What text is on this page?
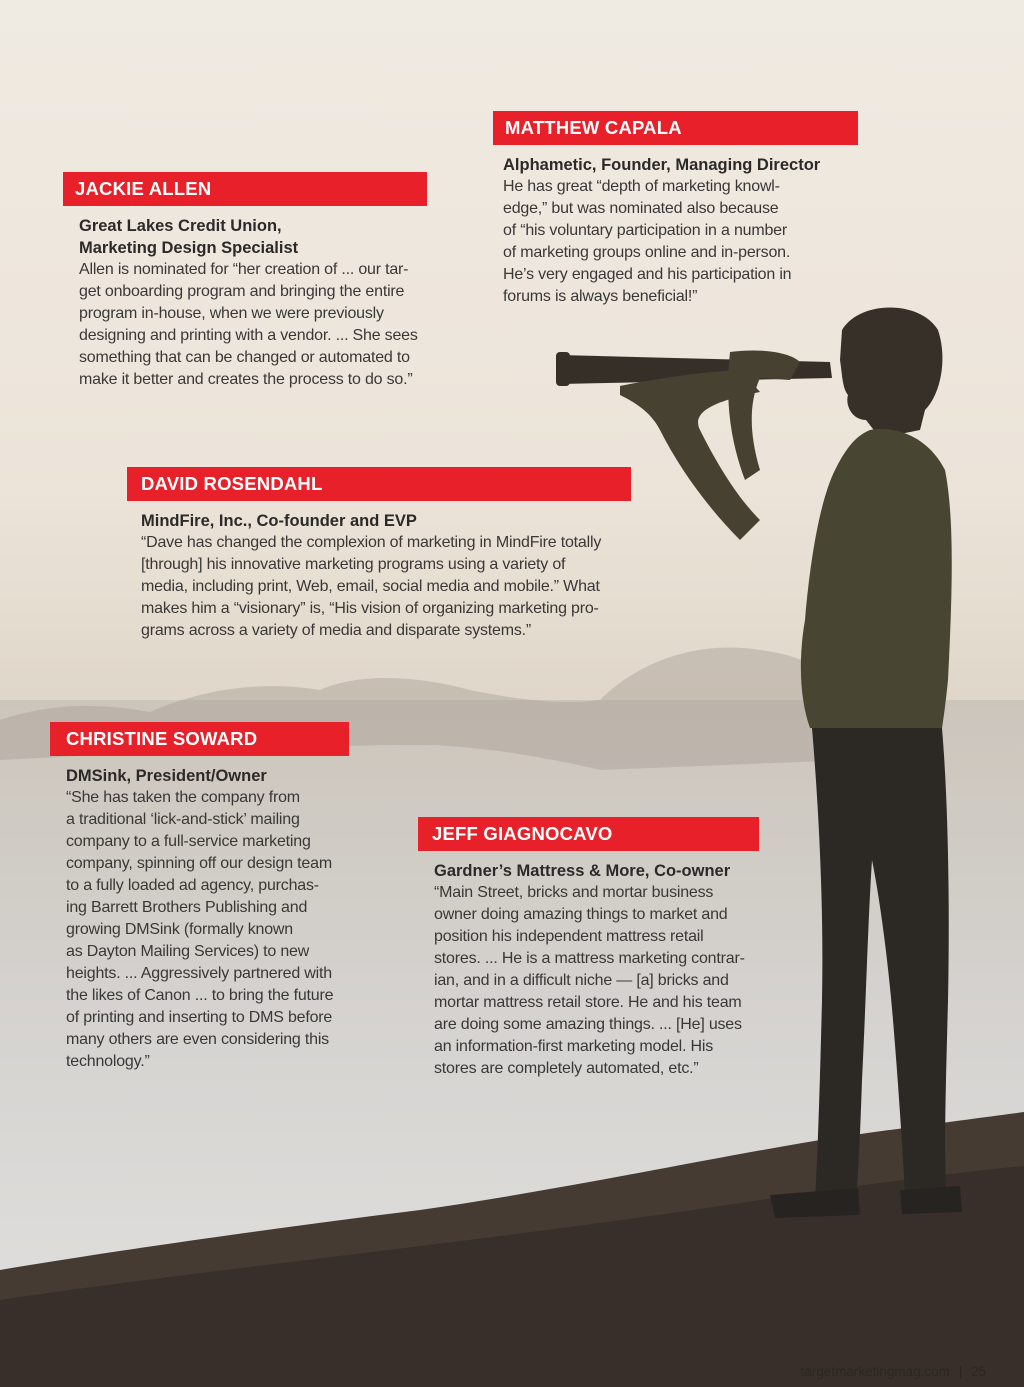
MATTHEW CAPALA
Alphametic, Founder, Managing Director
He has great “depth of marketing knowl-
edge,” but was nominated also because
of “his voluntary participation in a number
of marketing groups online and in-person.
He’s very engaged and his participation in
forums is always beneficial!”
JACKIE ALLEN
Great Lakes Credit Union,
Marketing Design Specialist
Allen is nominated for “her creation of ... our tar-
get onboarding program and bringing the entire
program in-house, when we were previously
designing and printing with a vendor. ... She sees
something that can be changed or automated to
make it better and creates the process to do so.”
DAVID ROSENDAHL
MindFire, Inc., Co-founder and EVP
“Dave has changed the complexion of marketing in MindFire totally
[through] his innovative marketing programs using a variety of
media, including print, Web, email, social media and mobile.” What
makes him a “visionary” is, “His vision of organizing marketing pro-
grams across a variety of media and disparate systems.”
CHRISTINE SOWARD
DMSink, President/Owner
“She has taken the company from
a traditional ‘lick-and-stick’ mailing
company to a full-service marketing
company, spinning off our design team
to a fully loaded ad agency, purchas-
ing Barrett Brothers Publishing and
growing DMSink (formally known
as Dayton Mailing Services) to new
heights. ... Aggressively partnered with
the likes of Canon ... to bring the future
of printing and inserting to DMS before
many others are even considering this
technology.”
JEFF GIAGNOCAVO
Gardner’s Mattress & More, Co-owner
“Main Street, bricks and mortar business
owner doing amazing things to market and
position his independent mattress retail
stores. ... He is a mattress marketing contrar-
ian, and in a difficult niche — [a] bricks and
mortar mattress retail store. He and his team
are doing some amazing things. ... [He] uses
an information-first marketing model. His
stores are completely automated, etc.”
targetmarketingmag.com | 25
